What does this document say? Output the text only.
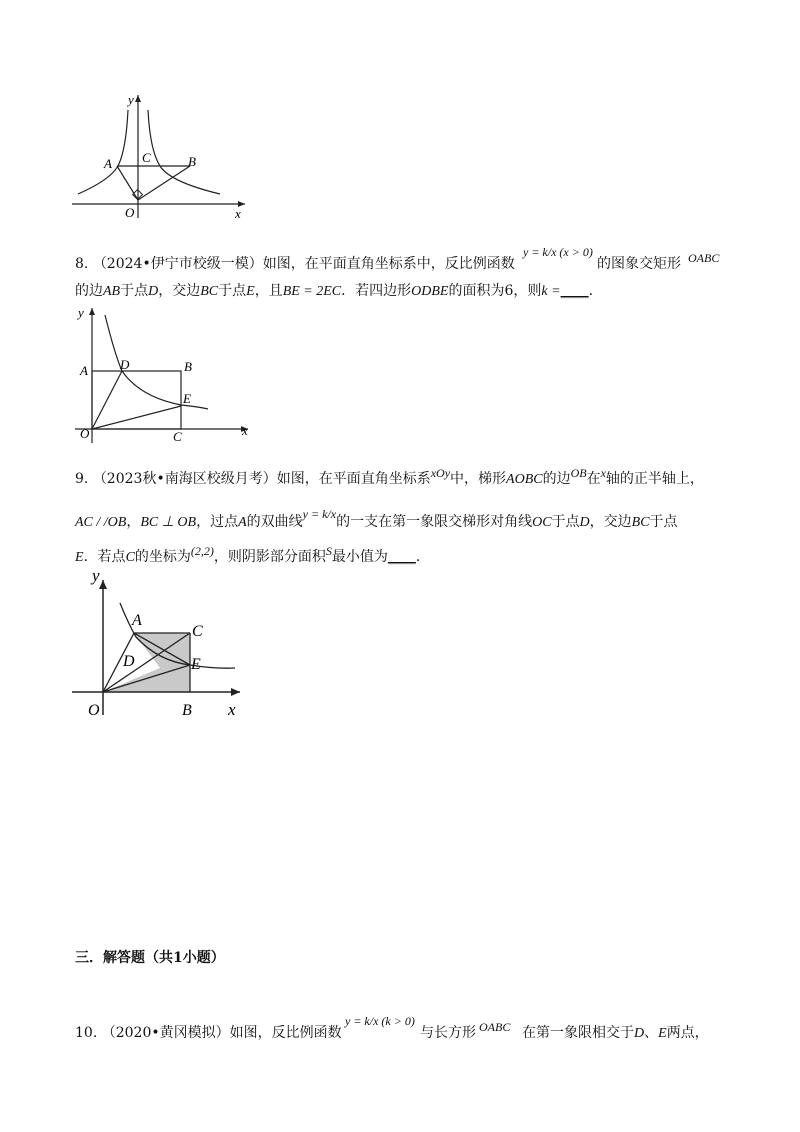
y
x
A	B
C
O
8. （2024•伊宁市校级一模）如图，在平面直角坐标系中，反比例函数
y = k/x (x > 0)
的图象交矩形 OABC
的边AB于点D，交边BC于点E，且BE = 2EC．若四边形ODBE的面积为6，则k =____.
y
x
A D	B
E
O	C
9. （2023秋•南海区校级月考）如图，在平面直角坐标系xOy中，梯形AOBC的边OB在x轴的正半轴上，
AC / /OB，BC ⊥ OB，过点A的双曲线y = k/x的一支在第一象限交梯形对角线OC于点D，交边BC于点
E．若点C的坐标为(2,2)，则阴影部分面积S最小值为____.
y
x
A
C
D	E
O	B
三．解答题（共1小题）
10. （2020•黄冈模拟）如图，反比例函数
y = k/x (k > 0)
与长方形 OABC 在第一象限相交于D、E两点，
